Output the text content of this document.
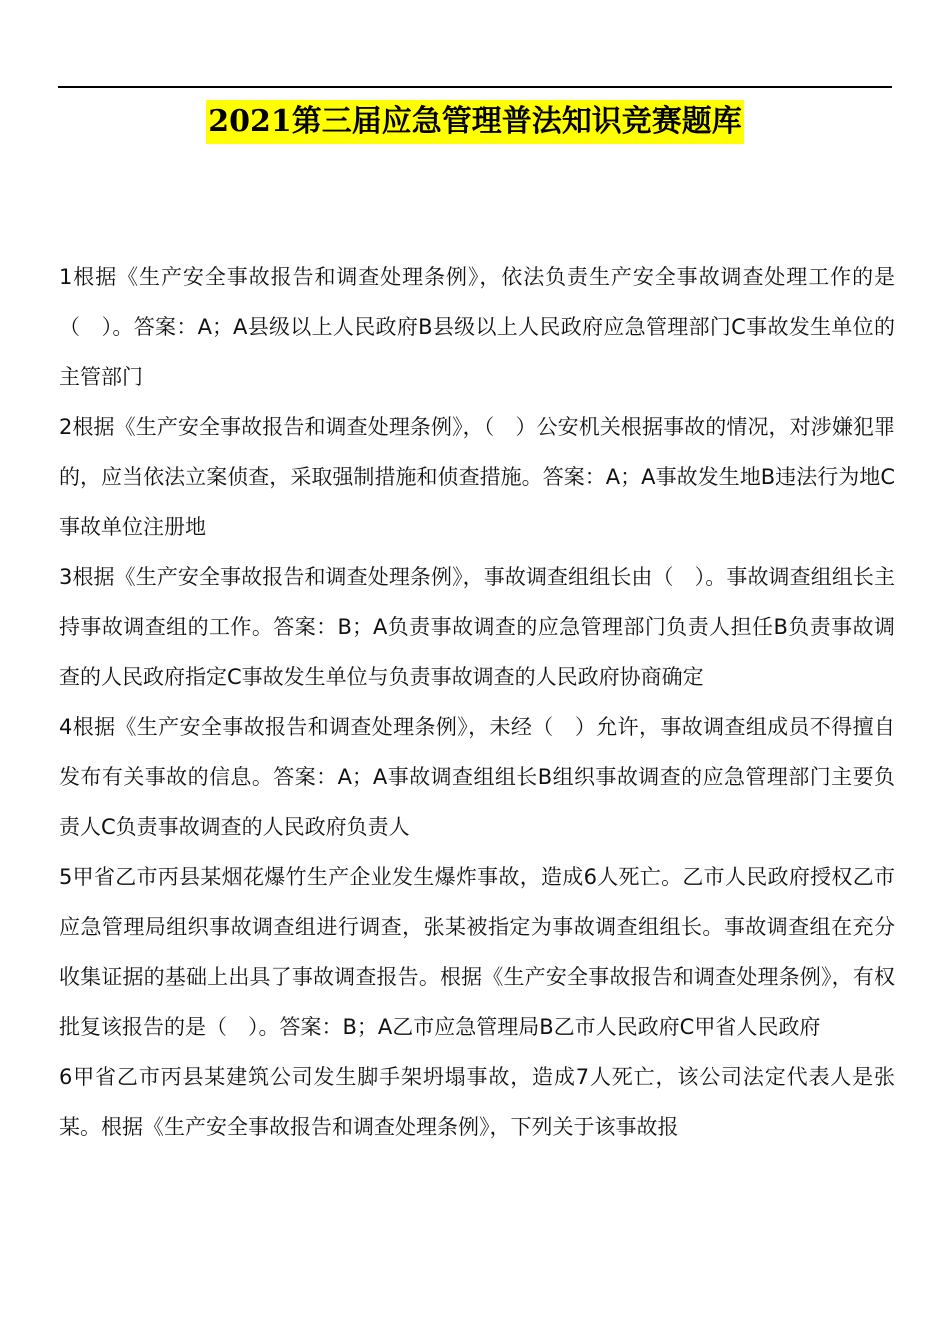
2021第三届应急管理普法知识竞赛题库

1根据《生产安全事故报告和调查处理条例》，依法负责生产安全事故调查处理工作的是（　）。答案：A；A县级以上人民政府B县级以上人民政府应急管理部门C事故发生单位的主管部门

2根据《生产安全事故报告和调查处理条例》，（　）公安机关根据事故的情况，对涉嫌犯罪的，应当依法立案侦查，采取强制措施和侦查措施。答案：A；A事故发生地B违法行为地C事故单位注册地

3根据《生产安全事故报告和调查处理条例》，事故调查组组长由（　）。事故调查组组长主持事故调查组的工作。答案：B；A负责事故调查的应急管理部门负责人担任B负责事故调查的人民政府指定C事故发生单位与负责事故调查的人民政府协商确定

4根据《生产安全事故报告和调查处理条例》，未经（　）允许，事故调查组成员不得擅自发布有关事故的信息。答案：A；A事故调查组组长B组织事故调查的应急管理部门主要负责人C负责事故调查的人民政府负责人

5甲省乙市丙县某烟花爆竹生产企业发生爆炸事故，造成6人死亡。乙市人民政府授权乙市应急管理局组织事故调查组进行调查，张某被指定为事故调查组组长。事故调查组在充分收集证据的基础上出具了事故调查报告。根据《生产安全事故报告和调查处理条例》，有权批复该报告的是（　）。答案：B；A乙市应急管理局B乙市人民政府C甲省人民政府

6甲省乙市丙县某建筑公司发生脚手架坍塌事故，造成7人死亡，该公司法定代表人是张某。根据《生产安全事故报告和调查处理条例》，下列关于该事故报
